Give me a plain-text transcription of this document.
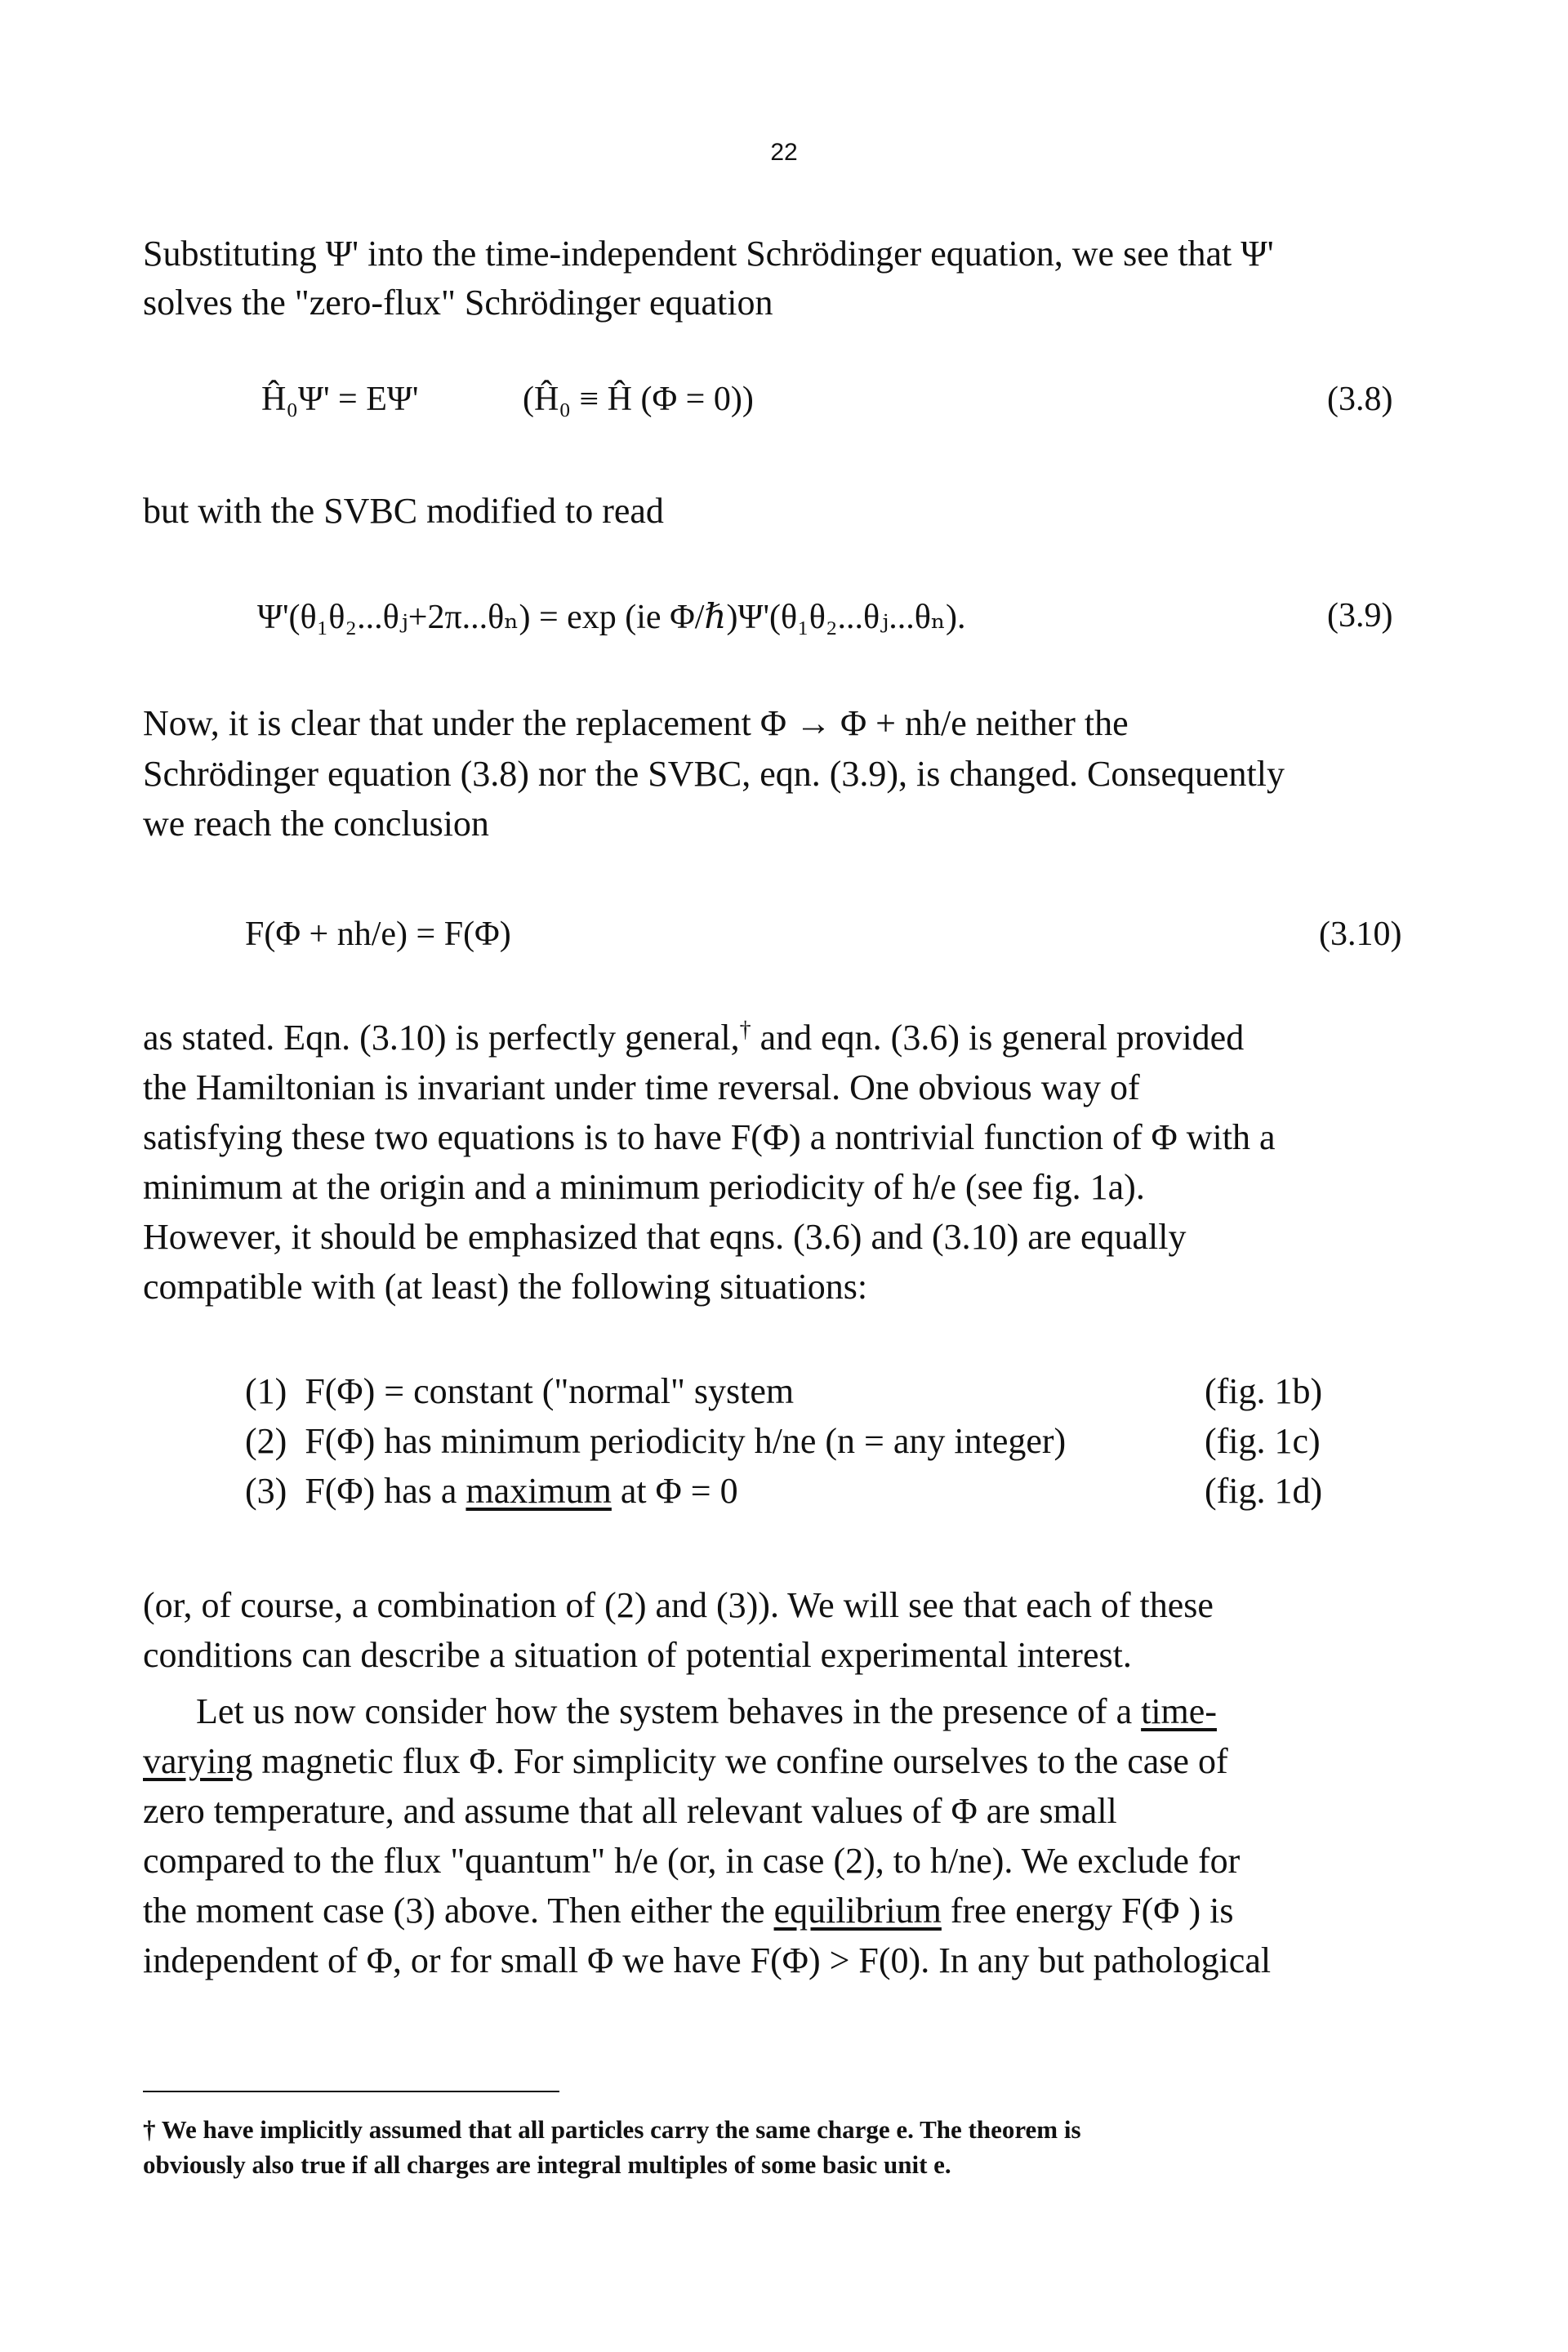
22
Substituting Ψ' into the time-independent Schrödinger equation, we see that Ψ'
solves the "zero-flux" Schrödinger equation
Ĥ₀Ψ' = EΨ'	(Ĥ₀ ≡ Ĥ (Φ = 0))	(3.8)
but with the SVBC modified to read
Ψ'(θ₁θ₂...θⱼ+2π...θₙ) = exp (ie Φ/ℏ)Ψ'(θ₁θ₂...θⱼ...θₙ).	(3.9)
Now, it is clear that under the replacement Φ → Φ + nh/e neither the
Schrödinger equation (3.8) nor the SVBC, eqn. (3.9), is changed. Consequently
we reach the conclusion
F(Φ + nh/e) = F(Φ)	(3.10)
as stated. Eqn. (3.10) is perfectly general,† and eqn. (3.6) is general provided
the Hamiltonian is invariant under time reversal. One obvious way of
satisfying these two equations is to have F(Φ) a nontrivial function of Φ with a
minimum at the origin and a minimum periodicity of h/e (see fig. 1a).
However, it should be emphasized that eqns. (3.6) and (3.10) are equally
compatible with (at least) the following situations:
(1) F(Φ) = constant ("normal" system	(fig. 1b)
(2) F(Φ) has minimum periodicity h/ne (n = any integer)	(fig. 1c)
(3) F(Φ) has a maximum at Φ = 0	(fig. 1d)
(or, of course, a combination of (2) and (3)). We will see that each of these
conditions can describe a situation of potential experimental interest.
Let us now consider how the system behaves in the presence of a time-
varying magnetic flux Φ. For simplicity we confine ourselves to the case of
zero temperature, and assume that all relevant values of Φ are small
compared to the flux "quantum" h/e (or, in case (2), to h/ne). We exclude for
the moment case (3) above. Then either the equilibrium free energy F(Φ ) is
independent of Φ, or for small Φ we have F(Φ) > F(0). In any but pathological
† We have implicitly assumed that all particles carry the same charge e. The theorem is
obviously also true if all charges are integral multiples of some basic unit e.
